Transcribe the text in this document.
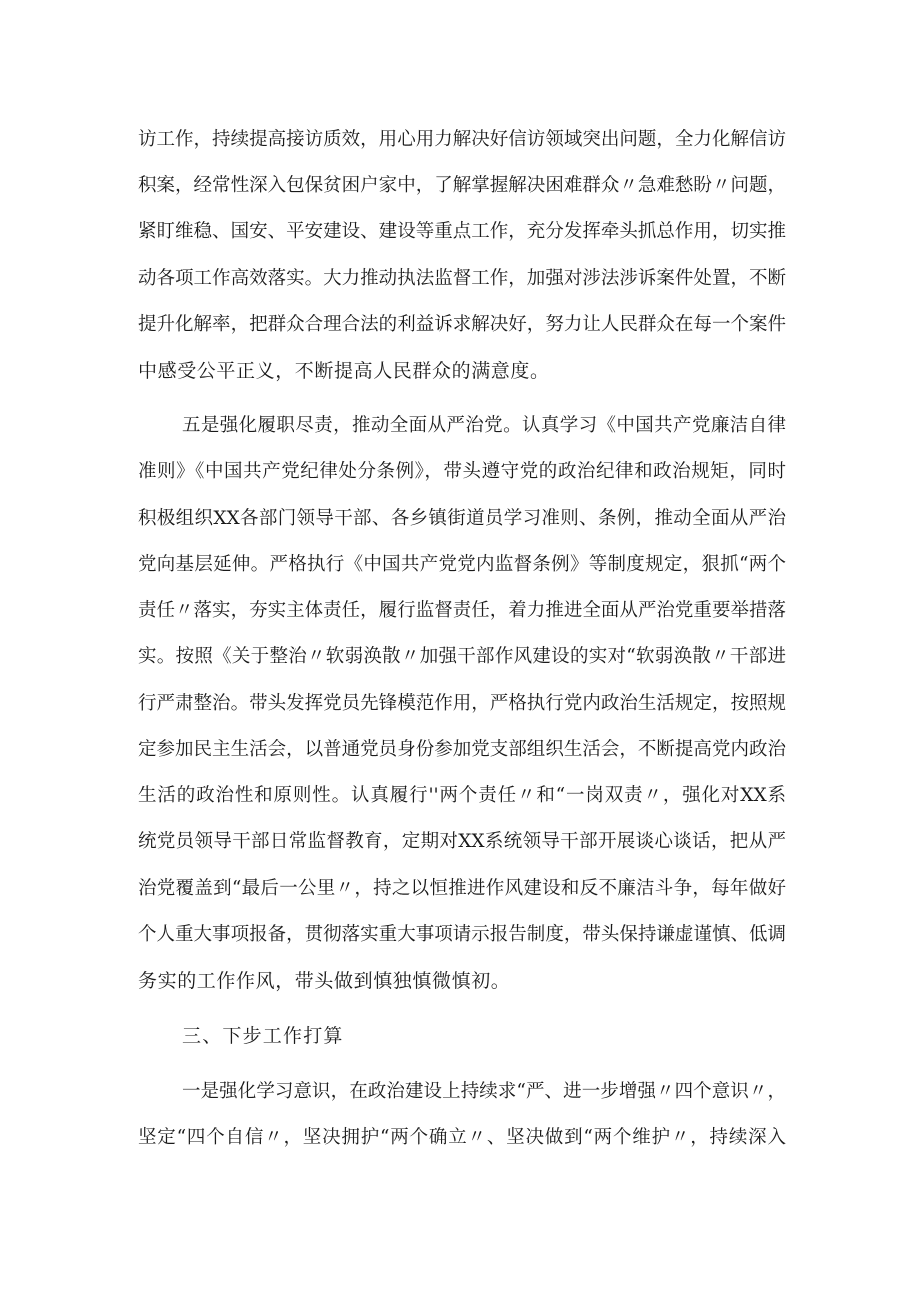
访工作，持续提高接访质效，用心用力解决好信访领域突出问题，全力化解信访
积案，经常性深入包保贫困户家中，了解掌握解决困难群众〃急难愁盼〃问题，
紧盯维稳、国安、平安建设、建设等重点工作，充分发挥牵头抓总作用，切实推
动各项工作高效落实。大力推动执法监督工作，加强对涉法涉诉案件处置，不断
提升化解率，把群众合理合法的利益诉求解决好，努力让人民群众在每一个案件
中感受公平正义，不断提高人民群众的满意度。
五是强化履职尽责，推动全面从严治党。认真学习《中国共产党廉洁自律
准则》《中国共产党纪律处分条例》，带头遵守党的政治纪律和政治规矩，同时
积极组织XX各部门领导干部、各乡镇街道员学习准则、条例，推动全面从严治
党向基层延伸。严格执行《中国共产党党内监督条例》等制度规定，狠抓“两个
责任〃落实，夯实主体责任，履行监督责任，着力推进全面从严治党重要举措落
实。按照《关于整治〃软弱涣散〃加强干部作风建设的实对“软弱涣散〃干部进
行严肃整治。带头发挥党员先锋模范作用，严格执行党内政治生活规定，按照规
定参加民主生活会，以普通党员身份参加党支部组织生活会，不断提高党内政治
生活的政治性和原则性。认真履行''两个责任〃和“一岗双责〃，强化对XX系
统党员领导干部日常监督教育，定期对XX系统领导干部开展谈心谈话，把从严
治党覆盖到“最后一公里〃，持之以恒推进作风建设和反不廉洁斗争，每年做好
个人重大事项报备，贯彻落实重大事项请示报告制度，带头保持谦虚谨慎、低调
务实的工作作风，带头做到慎独慎微慎初。
三、下步工作打算
一是强化学习意识，在政治建设上持续求“严、进一步增强〃四个意识〃，
坚定“四个自信〃，坚决拥护“两个确立〃、坚决做到“两个维护〃，持续深入
